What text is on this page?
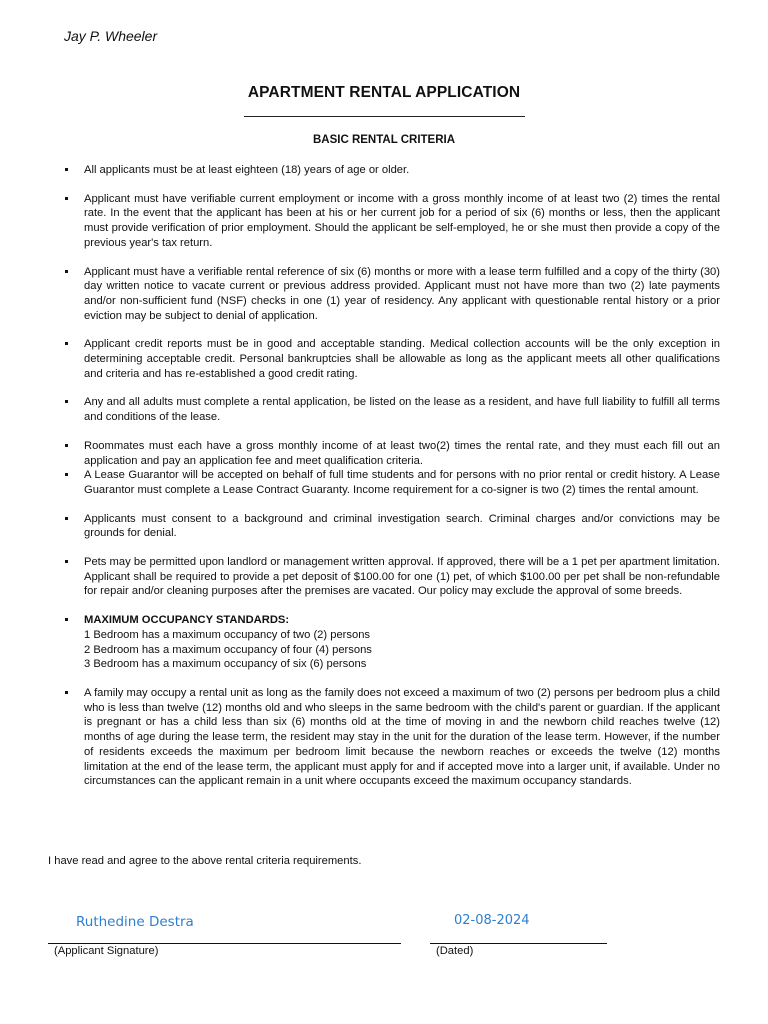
Jay P. Wheeler
APARTMENT RENTAL APPLICATION
BASIC RENTAL CRITERIA
All applicants must be at least eighteen (18) years of age or older.
Applicant must have verifiable current employment or income with a gross monthly income of at least two (2) times the rental rate. In the event that the applicant has been at his or her current job for a period of six (6) months or less, then the applicant must provide verification of prior employment. Should the applicant be self-employed, he or she must then provide a copy of the previous year's tax return.
Applicant must have a verifiable rental reference of six (6) months or more with a lease term fulfilled and a copy of the thirty (30) day written notice to vacate current or previous address provided. Applicant must not have more than two (2) late payments and/or non-sufficient fund (NSF) checks in one (1) year of residency. Any applicant with questionable rental history or a prior eviction may be subject to denial of application.
Applicant credit reports must be in good and acceptable standing. Medical collection accounts will be the only exception in determining acceptable credit. Personal bankruptcies shall be allowable as long as the applicant meets all other qualifications and criteria and has re-established a good credit rating.
Any and all adults must complete a rental application, be listed on the lease as a resident, and have full liability to fulfill all terms and conditions of the lease.
Roommates must each have a gross monthly income of at least two(2) times the rental rate, and they must each fill out an application and pay an application fee and meet qualification criteria.
A Lease Guarantor will be accepted on behalf of full time students and for persons with no prior rental or credit history. A Lease Guarantor must complete a Lease Contract Guaranty. Income requirement for a co-signer is two (2) times the rental amount.
Applicants must consent to a background and criminal investigation search. Criminal charges and/or convictions may be grounds for denial.
Pets may be permitted upon landlord or management written approval. If approved, there will be a 1 pet per apartment limitation. Applicant shall be required to provide a pet deposit of $100.00 for one (1) pet, of which $100.00 per pet shall be non-refundable for repair and/or cleaning purposes after the premises are vacated. Our policy may exclude the approval of some breeds.
MAXIMUM OCCUPANCY STANDARDS:
1 Bedroom has a maximum occupancy of two (2) persons
2 Bedroom has a maximum occupancy of four (4) persons
3 Bedroom has a maximum occupancy of six (6) persons
A family may occupy a rental unit as long as the family does not exceed a maximum of two (2) persons per bedroom plus a child who is less than twelve (12) months old and who sleeps in the same bedroom with the child's parent or guardian. If the applicant is pregnant or has a child less than six (6) months old at the time of moving in and the newborn child reaches twelve (12) months of age during the lease term, the resident may stay in the unit for the duration of the lease term. However, if the number of residents exceeds the maximum per bedroom limit because the newborn reaches or exceeds the twelve (12) months limitation at the end of the lease term, the applicant must apply for and if accepted move into a larger unit, if available. Under no circumstances can the applicant remain in a unit where occupants exceed the maximum occupancy standards.
I have read and agree to the above rental criteria requirements.
Ruthedine Destra	02-08-2024
(Applicant Signature)	(Dated)
